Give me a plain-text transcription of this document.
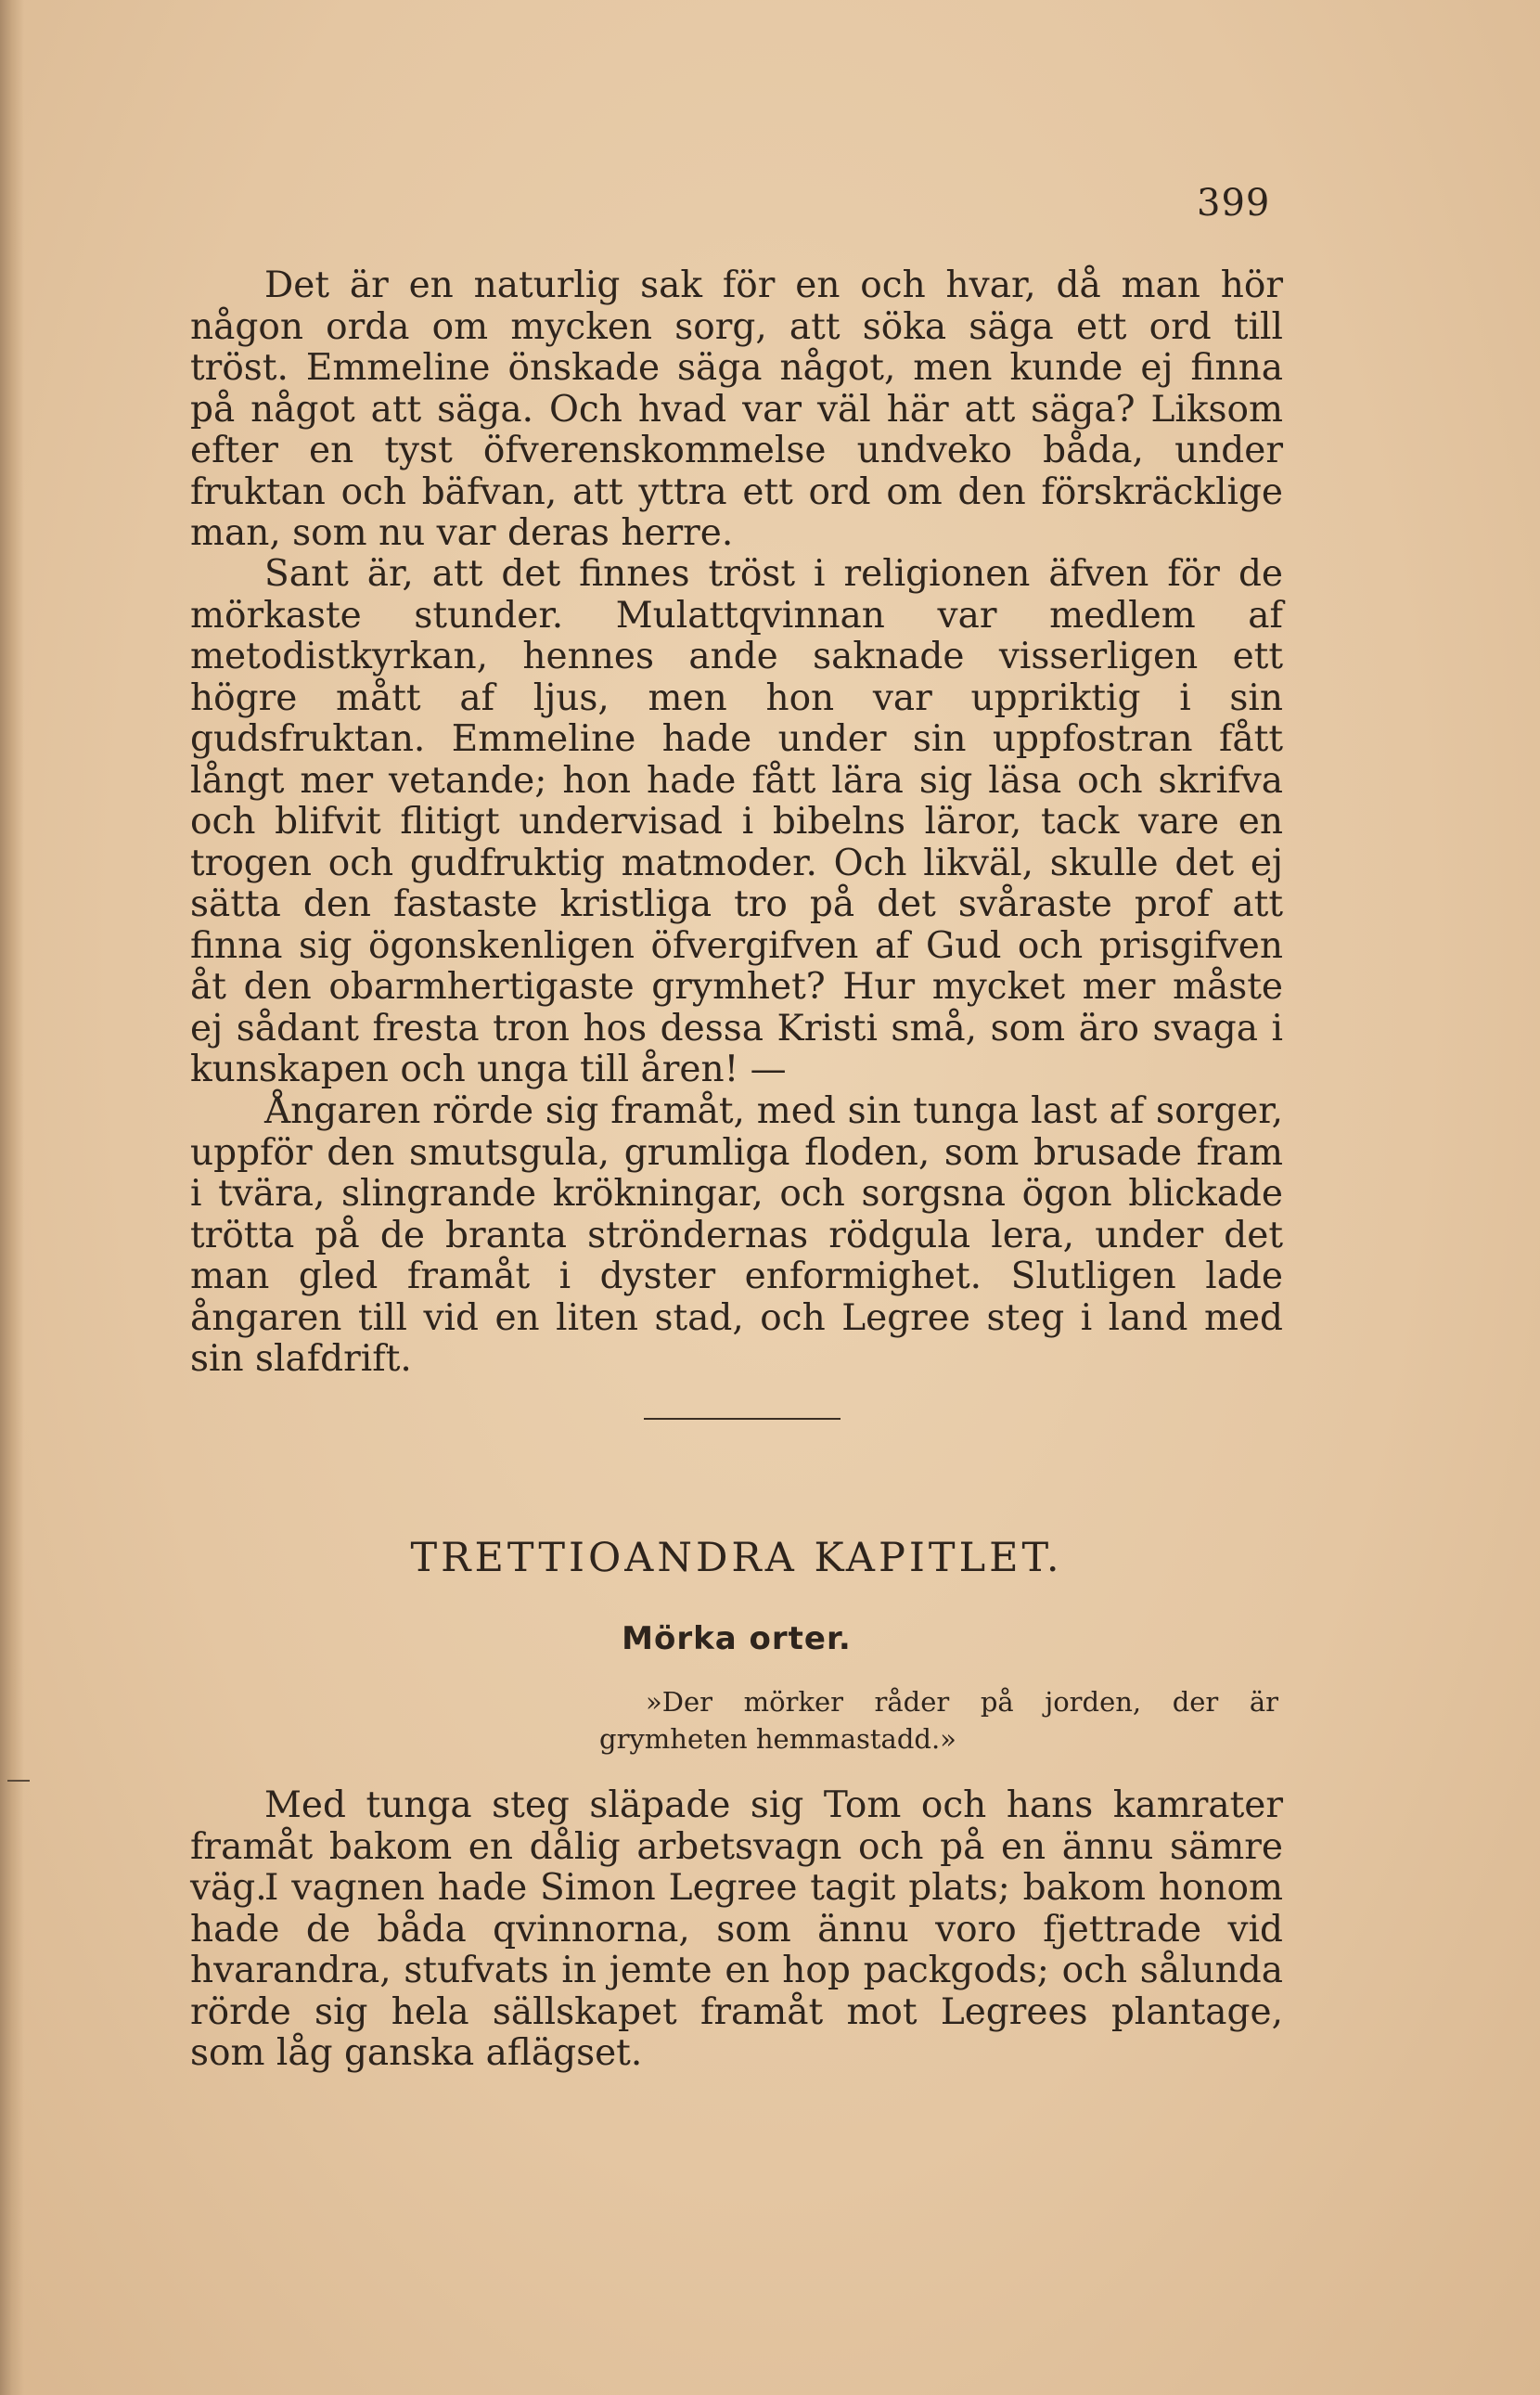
399

Det är en naturlig sak för en och hvar, då man hör någon orda om mycken sorg, att söka säga ett ord till tröst. Emmeline önskade säga något, men kunde ej finna på något att säga. Och hvad var väl här att säga? Liksom efter en tyst öfverenskommelse undveko båda, under fruktan och bäfvan, att yttra ett ord om den förskräcklige man, som nu var deras herre.

Sant är, att det finnes tröst i religionen äfven för de mörkaste stunder. Mulattqvinnan var medlem af metodistkyrkan, hennes ande saknade visserligen ett högre mått af ljus, men hon var uppriktig i sin gudsfruktan. Emmeline hade under sin uppfostran fått långt mer vetande; hon hade fått lära sig läsa och skrifva och blifvit flitigt undervisad i bibelns läror, tack vare en trogen och gudfruktig matmoder. Och likväl, skulle det ej sätta den fastaste kristliga tro på det svåraste prof att finna sig ögonskenligen öfvergifven af Gud och prisgifven åt den obarmhertigaste grymhet? Hur mycket mer måste ej sådant fresta tron hos dessa Kristi små, som äro svaga i kunskapen och unga till åren! —

Ångaren rörde sig framåt, med sin tunga last af sorger, uppför den smutsgula, grumliga floden, som brusade fram i tvära, slingrande krökningar, och sorgsna ögon blickade trötta på de branta ströndernas rödgula lera, under det man gled framåt i dyster enformighet. Slutligen lade ångaren till vid en liten stad, och Legree steg i land med sin slafdrift.

TRETTIOANDRA KAPITLET.
Mörka orter.

»Der mörker råder på jorden, der är grymheten hemmastadd.»

Med tunga steg släpade sig Tom och hans kamrater framåt bakom en dålig arbetsvagn och på en ännu sämre väg.

I vagnen hade Simon Legree tagit plats; bakom honom hade de båda qvinnorna, som ännu voro fjettrade vid hvarandra, stufvats in jemte en hop packgods; och sålunda rörde sig hela sällskapet framåt mot Legrees plantage, som låg ganska aflägset.
